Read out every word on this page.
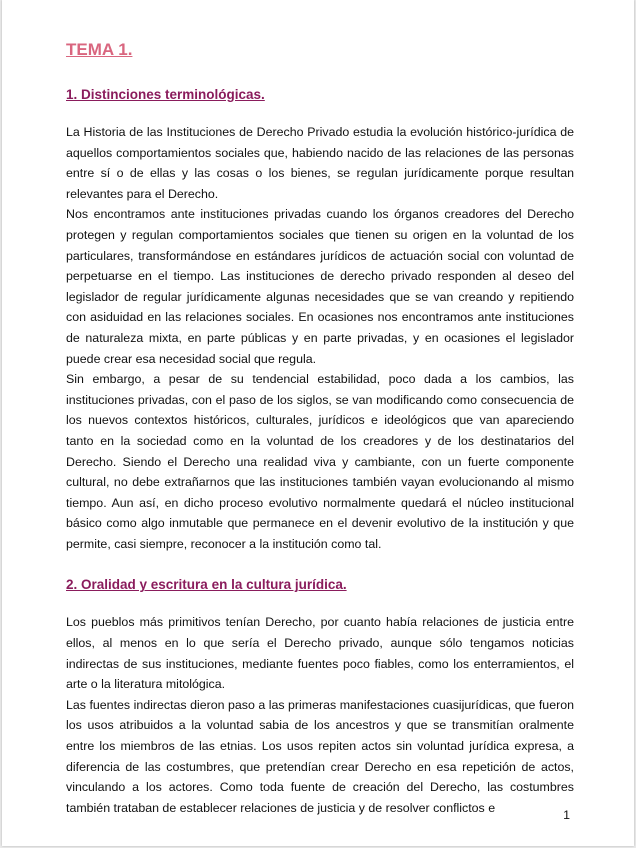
TEMA 1.
1. Distinciones terminológicas.

La Historia de las Instituciones de Derecho Privado estudia la evolución histórico-jurídica de aquellos comportamientos sociales que, habiendo nacido de las relaciones de las personas entre sí o de ellas y las cosas o los bienes, se regulan jurídicamente porque resultan relevantes para el Derecho.

Nos encontramos ante instituciones privadas cuando los órganos creadores del Derecho protegen y regulan comportamientos sociales que tienen su origen en la voluntad de los particulares, transformándose en estándares jurídicos de actuación social con voluntad de perpetuarse en el tiempo. Las instituciones de derecho privado responden al deseo del legislador de regular jurídicamente algunas necesidades que se van creando y repitiendo con asiduidad en las relaciones sociales. En ocasiones nos encontramos ante instituciones de naturaleza mixta, en parte públicas y en parte privadas, y en ocasiones el legislador puede crear esa necesidad social que regula.

Sin embargo, a pesar de su tendencial estabilidad, poco dada a los cambios, las instituciones privadas, con el paso de los siglos, se van modificando como consecuencia de los nuevos contextos históricos, culturales, jurídicos e ideológicos que van apareciendo tanto en la sociedad como en la voluntad de los creadores y de los destinatarios del Derecho. Siendo el Derecho una realidad viva y cambiante, con un fuerte componente cultural, no debe extrañarnos que las instituciones también vayan evolucionando al mismo tiempo. Aun así, en dicho proceso evolutivo normalmente quedará el núcleo institucional básico como algo inmutable que permanece en el devenir evolutivo de la institución y que permite, casi siempre, reconocer a la institución como tal.

2. Oralidad y escritura en la cultura jurídica.

Los pueblos más primitivos tenían Derecho, por cuanto había relaciones de justicia entre ellos, al menos en lo que sería el Derecho privado, aunque sólo tengamos noticias indirectas de sus instituciones, mediante fuentes poco fiables, como los enterramientos, el arte o la literatura mitológica.

Las fuentes indirectas dieron paso a las primeras manifestaciones cuasijurídicas, que fueron los usos atribuidos a la voluntad sabia de los ancestros y que se transmitían oralmente entre los miembros de las etnias. Los usos repiten actos sin voluntad jurídica expresa, a diferencia de las costumbres, que pretendían crear Derecho en esa repetición de actos, vinculando a los actores. Como toda fuente de creación del Derecho, las costumbres también trataban de establecer relaciones de justicia y de resolver conflictos e

1
